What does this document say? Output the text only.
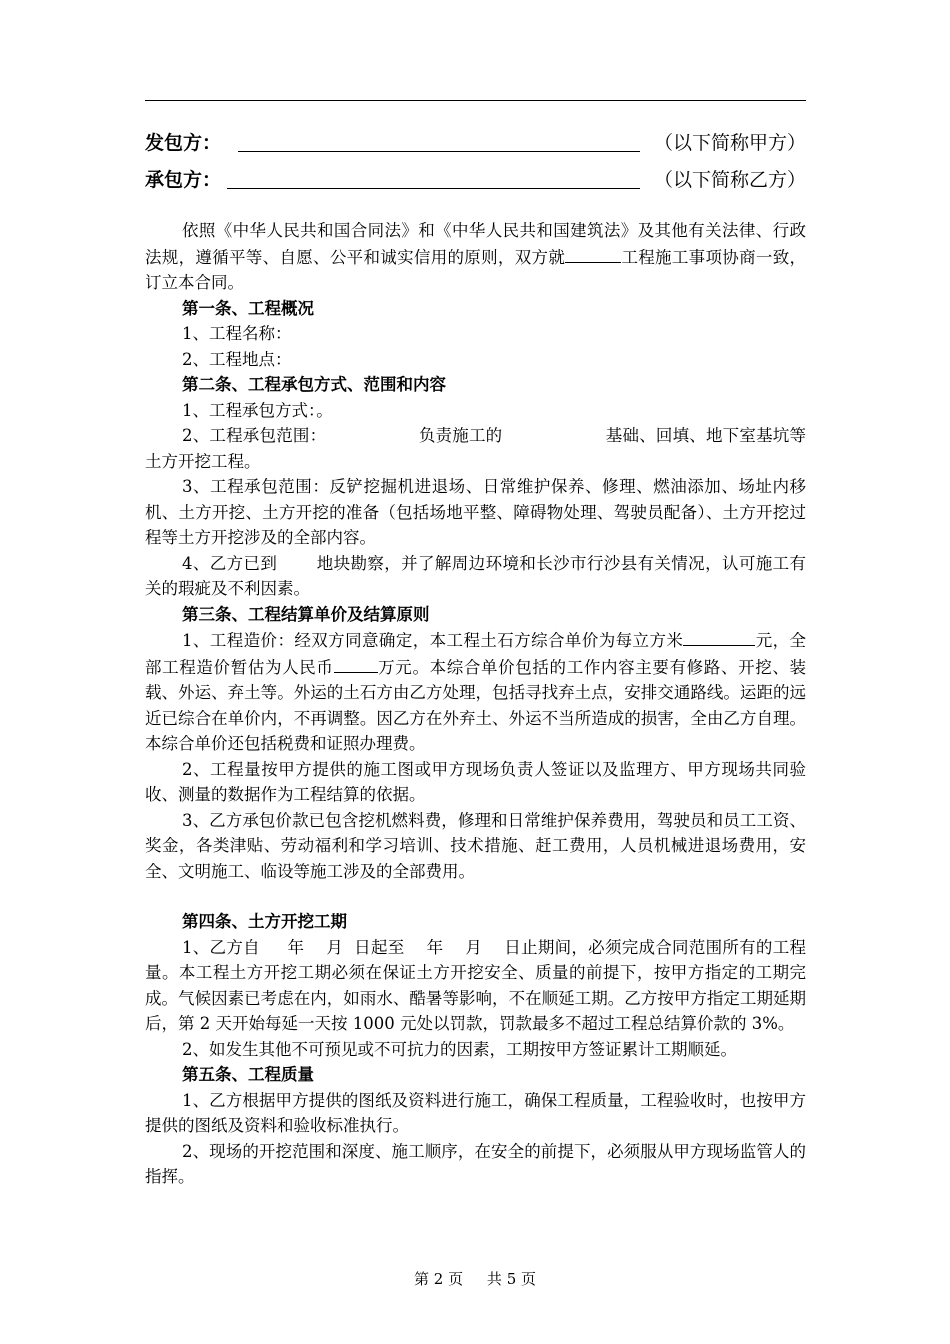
发包方：	（以下简称甲方）
承包方：	（以下简称乙方）

依照《中华人民共和国合同法》和《中华人民共和国建筑法》及其他有关法律、行政法规，遵循平等、自愿、公平和诚实信用的原则，双方就	工程施工事项协商一致，订立本合同。

第一条、工程概况

1、工程名称：

2、工程地点：

第二条、工程承包方式、范围和内容

1、工程承包方式：。

2、工程承包范围：                 负责施工的                   基础、回填、地下室基坑等土方开挖工程。

3、工程承包范围：反铲挖掘机进退场、日常维护保养、修理、燃油添加、场址内移机、土方开挖、土方开挖的准备（包括场地平整、障碍物处理、驾驶员配备）、土方开挖过程等土方开挖涉及的全部内容。

4、乙方已到       地块勘察，并了解周边环境和长沙市行沙县有关情况，认可施工有关的瑕疵及不利因素。

第三条、工程结算单价及结算原则

1、工程造价：经双方同意确定，本工程土石方综合单价为每立方米	元，全部工程造价暂估为人民币	万元。本综合单价包括的工作内容主要有修路、开挖、装载、外运、弃土等。外运的土石方由乙方处理，包括寻找弃土点，安排交通路线。运距的远近已综合在单价内，不再调整。因乙方在外弃土、外运不当所造成的损害，全由乙方自理。本综合单价还包括税费和证照办理费。

2、工程量按甲方提供的施工图或甲方现场负责人签证以及监理方、甲方现场共同验收、测量的数据作为工程结算的依据。

3、乙方承包价款已包含挖机燃料费，修理和日常维护保养费用，驾驶员和员工工资、奖金，各类津贴、劳动福利和学习培训、技术措施、赶工费用，人员机械进退场费用，安全、文明施工、临设等施工涉及的全部费用。

第四条、土方开挖工期

1、乙方自     年    月  日起至    年    月    日止期间，必须完成合同范围所有的工程量。本工程土方开挖工期必须在保证土方开挖安全、质量的前提下，按甲方指定的工期完成。气候因素已考虑在内，如雨水、酷暑等影响，不在顺延工期。乙方按甲方指定工期延期后，第 2 天开始每延一天按 1000 元处以罚款，罚款最多不超过工程总结算价款的 3%。

2、如发生其他不可预见或不可抗力的因素，工期按甲方签证累计工期顺延。

第五条、工程质量

1、乙方根据甲方提供的图纸及资料进行施工，确保工程质量，工程验收时，也按甲方提供的图纸及资料和验收标准执行。

2、现场的开挖范围和深度、施工顺序，在安全的前提下，必须服从甲方现场监管人的指挥。

第 2 页     共 5 页
